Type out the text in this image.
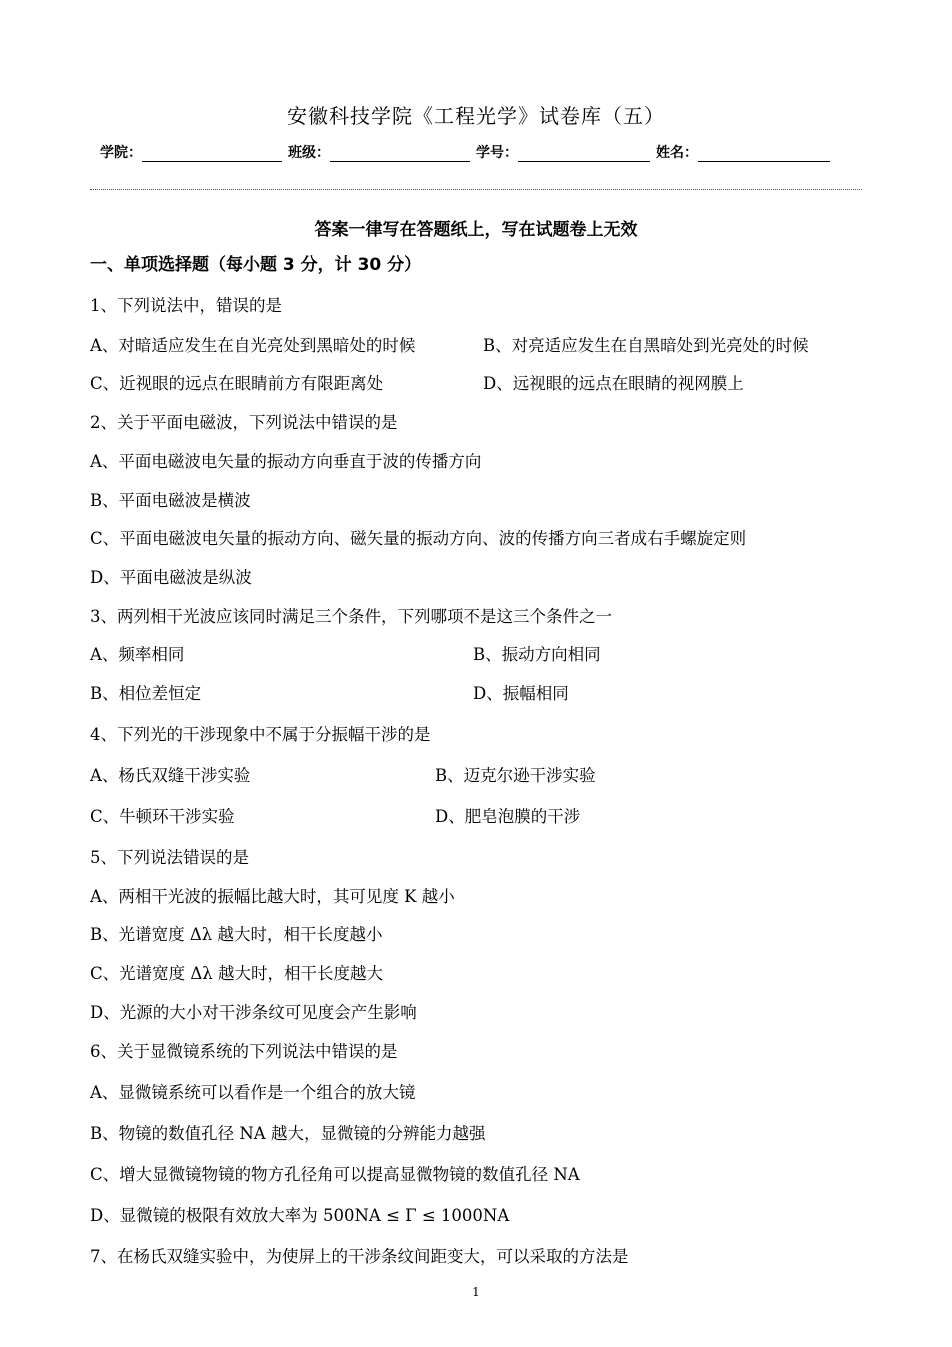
安徽科技学院《工程光学》试卷库（五）
学院：	班级：	学号：	姓名：
答案一律写在答题纸上，写在试题卷上无效
一、单项选择题（每小题 3 分，计 30 分）
1、下列说法中，错误的是
A、对暗适应发生在自光亮处到黑暗处的时候	B、对亮适应发生在自黑暗处到光亮处的时候
C、近视眼的远点在眼睛前方有限距离处	D、远视眼的远点在眼睛的视网膜上
2、关于平面电磁波，下列说法中错误的是
A、平面电磁波电矢量的振动方向垂直于波的传播方向
B、平面电磁波是横波
C、平面电磁波电矢量的振动方向、磁矢量的振动方向、波的传播方向三者成右手螺旋定则
D、平面电磁波是纵波
3、两列相干光波应该同时满足三个条件，下列哪项不是这三个条件之一
A、频率相同	B、振动方向相同
B、相位差恒定	D、振幅相同
4、下列光的干涉现象中不属于分振幅干涉的是
A、杨氏双缝干涉实验	B、迈克尔逊干涉实验
C、牛顿环干涉实验	D、肥皂泡膜的干涉
5、下列说法错误的是
A、两相干光波的振幅比越大时，其可见度 K 越小
B、光谱宽度 Δλ 越大时，相干长度越小
C、光谱宽度 Δλ 越大时，相干长度越大
D、光源的大小对干涉条纹可见度会产生影响
6、关于显微镜系统的下列说法中错误的是
A、显微镜系统可以看作是一个组合的放大镜
B、物镜的数值孔径 NA 越大，显微镜的分辨能力越强
C、增大显微镜物镜的物方孔径角可以提高显微物镜的数值孔径 NA
D、显微镜的极限有效放大率为 500NA ≤ Γ ≤ 1000NA
7、在杨氏双缝实验中，为使屏上的干涉条纹间距变大，可以采取的方法是
1
